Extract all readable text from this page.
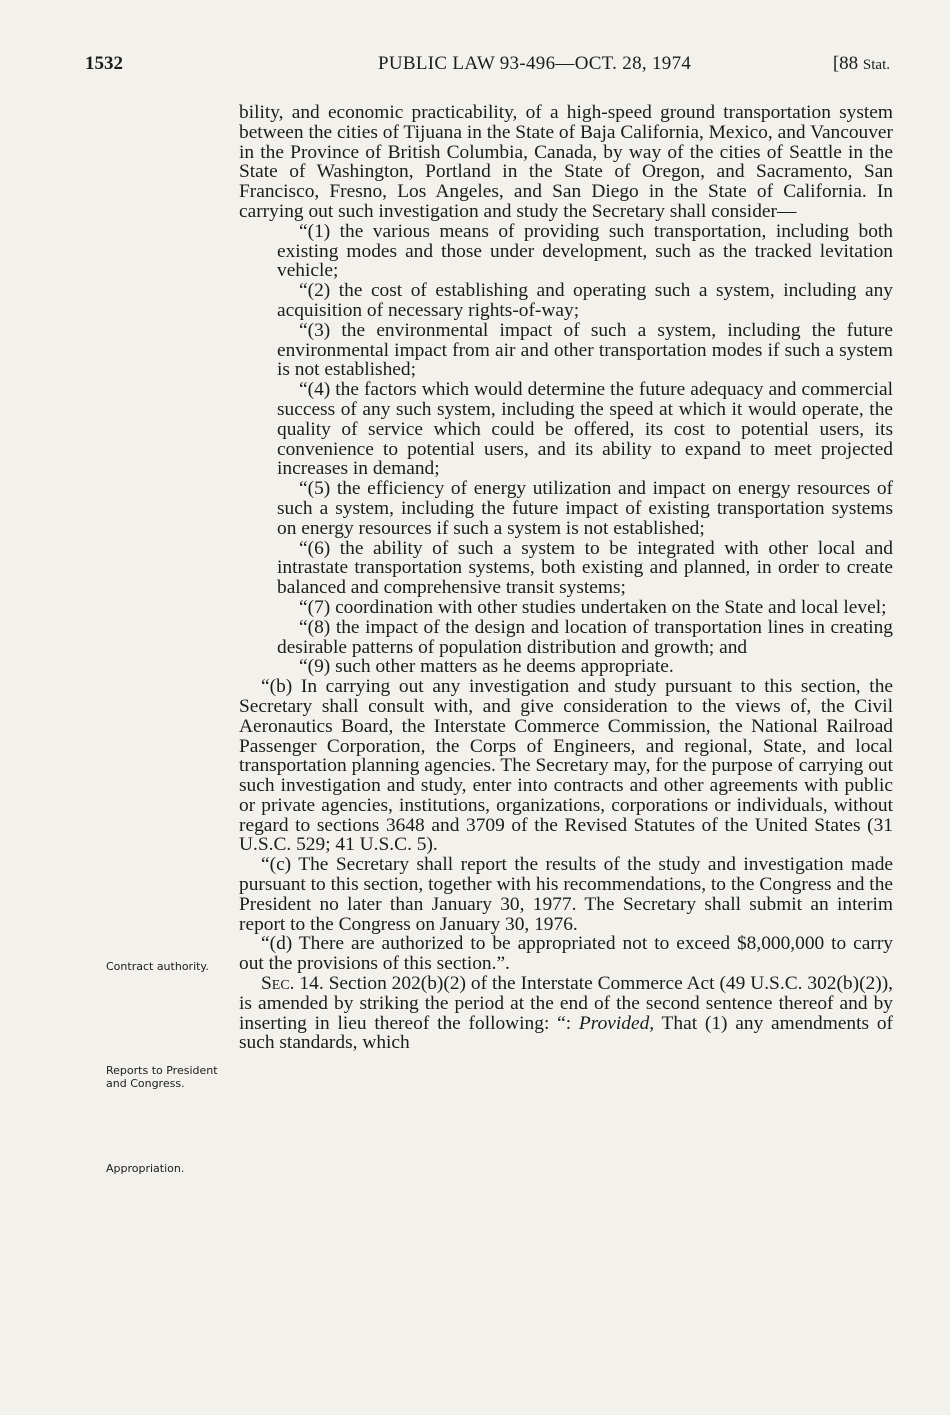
1532	PUBLIC LAW 93-496—OCT. 28, 1974	[88 Stat.

bility, and economic practicability, of a high-speed ground transportation system between the cities of Tijuana in the State of Baja California, Mexico, and Vancouver in the Province of British Columbia, Canada, by way of the cities of Seattle in the State of Washington, Portland in the State of Oregon, and Sacramento, San Francisco, Fresno, Los Angeles, and San Diego in the State of California. In carrying out such investigation and study the Secretary shall consider—

“(1) the various means of providing such transportation, including both existing modes and those under development, such as the tracked levitation vehicle;

“(2) the cost of establishing and operating such a system, including any acquisition of necessary rights-of-way;

“(3) the environmental impact of such a system, including the future environmental impact from air and other transportation modes if such a system is not established;

“(4) the factors which would determine the future adequacy and commercial success of any such system, including the speed at which it would operate, the quality of service which could be offered, its cost to potential users, its convenience to potential users, and its ability to expand to meet projected increases in demand;

“(5) the efficiency of energy utilization and impact on energy resources of such a system, including the future impact of existing transportation systems on energy resources if such a system is not established;

“(6) the ability of such a system to be integrated with other local and intrastate transportation systems, both existing and planned, in order to create balanced and comprehensive transit systems;

“(7) coordination with other studies undertaken on the State and local level;

“(8) the impact of the design and location of transportation lines in creating desirable patterns of population distribution and growth; and

“(9) such other matters as he deems appropriate.

“(b) In carrying out any investigation and study pursuant to this section, the Secretary shall consult with, and give consideration to the views of, the Civil Aeronautics Board, the Interstate Commerce Commission, the National Railroad Passenger Corporation, the Corps of Engineers, and regional, State, and local transportation planning agencies. The Secretary may, for the purpose of carrying out such investigation and study, enter into contracts and other agreements with public or private agencies, institutions, organizations, corporations or individuals, without regard to sections 3648 and 3709 of the Revised Statutes of the United States (31 U.S.C. 529; 41 U.S.C. 5).

“(c) The Secretary shall report the results of the study and investigation made pursuant to this section, together with his recommendations, to the Congress and the President no later than January 30, 1977. The Secretary shall submit an interim report to the Congress on January 30, 1976.

“(d) There are authorized to be appropriated not to exceed $8,000,000 to carry out the provisions of this section.”.

Sec. 14. Section 202(b)(2) of the Interstate Commerce Act (49 U.S.C. 302(b)(2)), is amended by striking the period at the end of the second sentence thereof and by inserting in lieu thereof the following: “: Provided, That (1) any amendments of such standards, which

Contract authority.
Reports to President and Congress.
Appropriation.
